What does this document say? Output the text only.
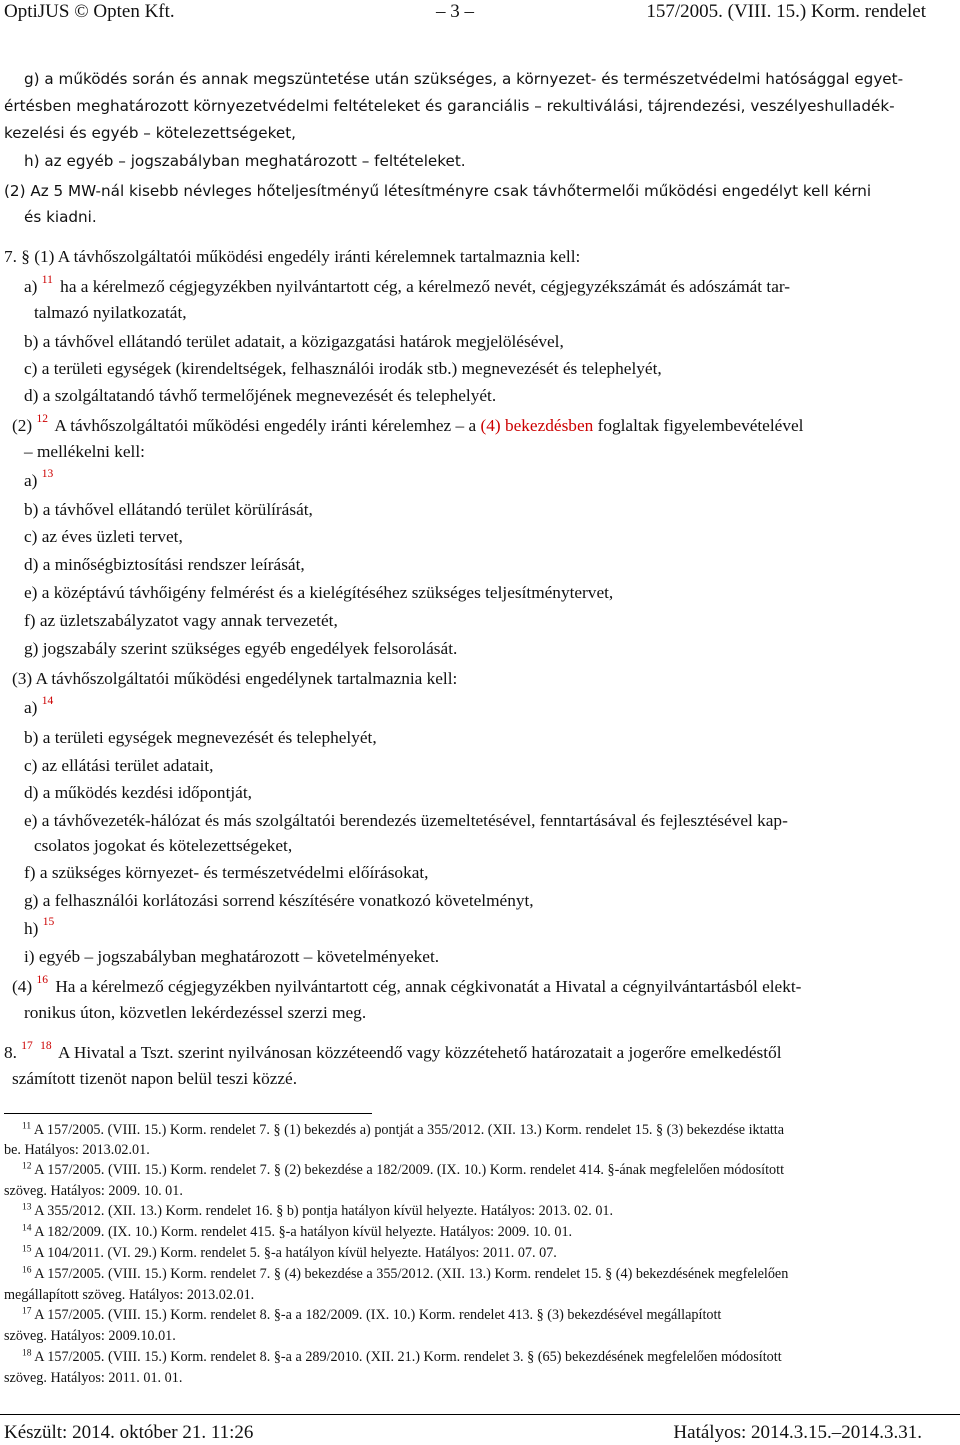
OptiJUS © Opten Kft.	– 3 –	157/2005. (VIII. 15.) Korm. rendelet
g) a működés során és annak megszüntetése után szükséges, a környezet- és természetvédelmi hatósággal egyet-
értésben meghatározott környezetvédelmi feltételeket és garanciális – rekultiválási, tájrendezési, veszélyeshulladék-
kezelési és egyéb – kötelezettségeket,
h) az egyéb – jogszabályban meghatározott – feltételeket.
(2) Az 5 MW-nál kisebb névleges hőteljesítményű létesítményre csak távhőtermelői működési engedélyt kell kérni
és kiadni.
7. § (1) A távhőszolgáltatói működési engedély iránti kérelemnek tartalmaznia kell:
a) $^{11}$ ha a kérelmező cégjegyzékben nyilvántartott cég, a kérelmező nevét, cégjegyzékszámát és adószámát tar-
talmazó nyilatkozatát,
b) a távhővel ellátandó terület adatait, a közigazgatási határok megjelölésével,
c) a területi egységek (kirendeltségek, felhasználói irodák stb.) megnevezését és telephelyét,
d) a szolgáltatandó távhő termelőjének megnevezését és telephelyét.
(2) $^{12}$ A távhőszolgáltatói működési engedély iránti kérelemhez – a (4) bekezdésben foglaltak figyelembevételével
– mellékelni kell:
a) $^{13}$
b) a távhővel ellátandó terület körülírását,
c) az éves üzleti tervet,
d) a minőségbiztosítási rendszer leírását,
e) a középtávú távhőigény felmérést és a kielégítéséhez szükséges teljesítménytervet,
f) az üzletszabályzatot vagy annak tervezetét,
g) jogszabály szerint szükséges egyéb engedélyek felsorolását.
(3) A távhőszolgáltatói működési engedélynek tartalmaznia kell:
a) $^{14}$
b) a területi egységek megnevezését és telephelyét,
c) az ellátási terület adatait,
d) a működés kezdési időpontját,
e) a távhővezeték-hálózat és más szolgáltatói berendezés üzemeltetésével, fenntartásával és fejlesztésével kap-
csolatos jogokat és kötelezettségeket,
f) a szükséges környezet- és természetvédelmi előírásokat,
g) a felhasználói korlátozási sorrend készítésére vonatkozó követelményt,
h) $^{15}$
i) egyéb – jogszabályban meghatározott – követelményeket.
(4) $^{16}$ Ha a kérelmező cégjegyzékben nyilvántartott cég, annak cégkivonatát a Hivatal a cégnyilvántartásból elekt-
ronikus úton, közvetlen lekérdezéssel szerzi meg.
8. $^{17}$ $^{18}$ A Hivatal a Tszt. szerint nyilvánosan közzéteendő vagy közzétehető határozatait a jogerőre emelkedéstől
számított tizenöt napon belül teszi közzé.
$^{11}$ A 157/2005. (VIII. 15.) Korm. rendelet 7. § (1) bekezdés a) pontját a 355/2012. (XII. 13.) Korm. rendelet 15. § (3) bekezdése iktatta
be. Hatályos: 2013.02.01.
$^{12}$ A 157/2005. (VIII. 15.) Korm. rendelet 7. § (2) bekezdése a 182/2009. (IX. 10.) Korm. rendelet 414. §-ának megfelelően módosított
szöveg. Hatályos: 2009. 10. 01.
$^{13}$ A 355/2012. (XII. 13.) Korm. rendelet 16. § b) pontja hatályon kívül helyezte. Hatályos: 2013. 02. 01.
$^{14}$ A 182/2009. (IX. 10.) Korm. rendelet 415. §-a hatályon kívül helyezte. Hatályos: 2009. 10. 01.
$^{15}$ A 104/2011. (VI. 29.) Korm. rendelet 5. §-a hatályon kívül helyezte. Hatályos: 2011. 07. 07.
$^{16}$ A 157/2005. (VIII. 15.) Korm. rendelet 7. § (4) bekezdése a 355/2012. (XII. 13.) Korm. rendelet 15. § (4) bekezdésének megfelelően
megállapított szöveg. Hatályos: 2013.02.01.
$^{17}$ A 157/2005. (VIII. 15.) Korm. rendelet 8. §-a a 182/2009. (IX. 10.) Korm. rendelet 413. § (3) bekezdésével megállapított
szöveg. Hatályos: 2009.10.01.
$^{18}$ A 157/2005. (VIII. 15.) Korm. rendelet 8. §-a a 289/2010. (XII. 21.) Korm. rendelet 3. § (65) bekezdésének megfelelően módosított
szöveg. Hatályos: 2011. 01. 01.
Készült: 2014. október 21. 11:26	Hatályos: 2014.3.15.–2014.3.31.
